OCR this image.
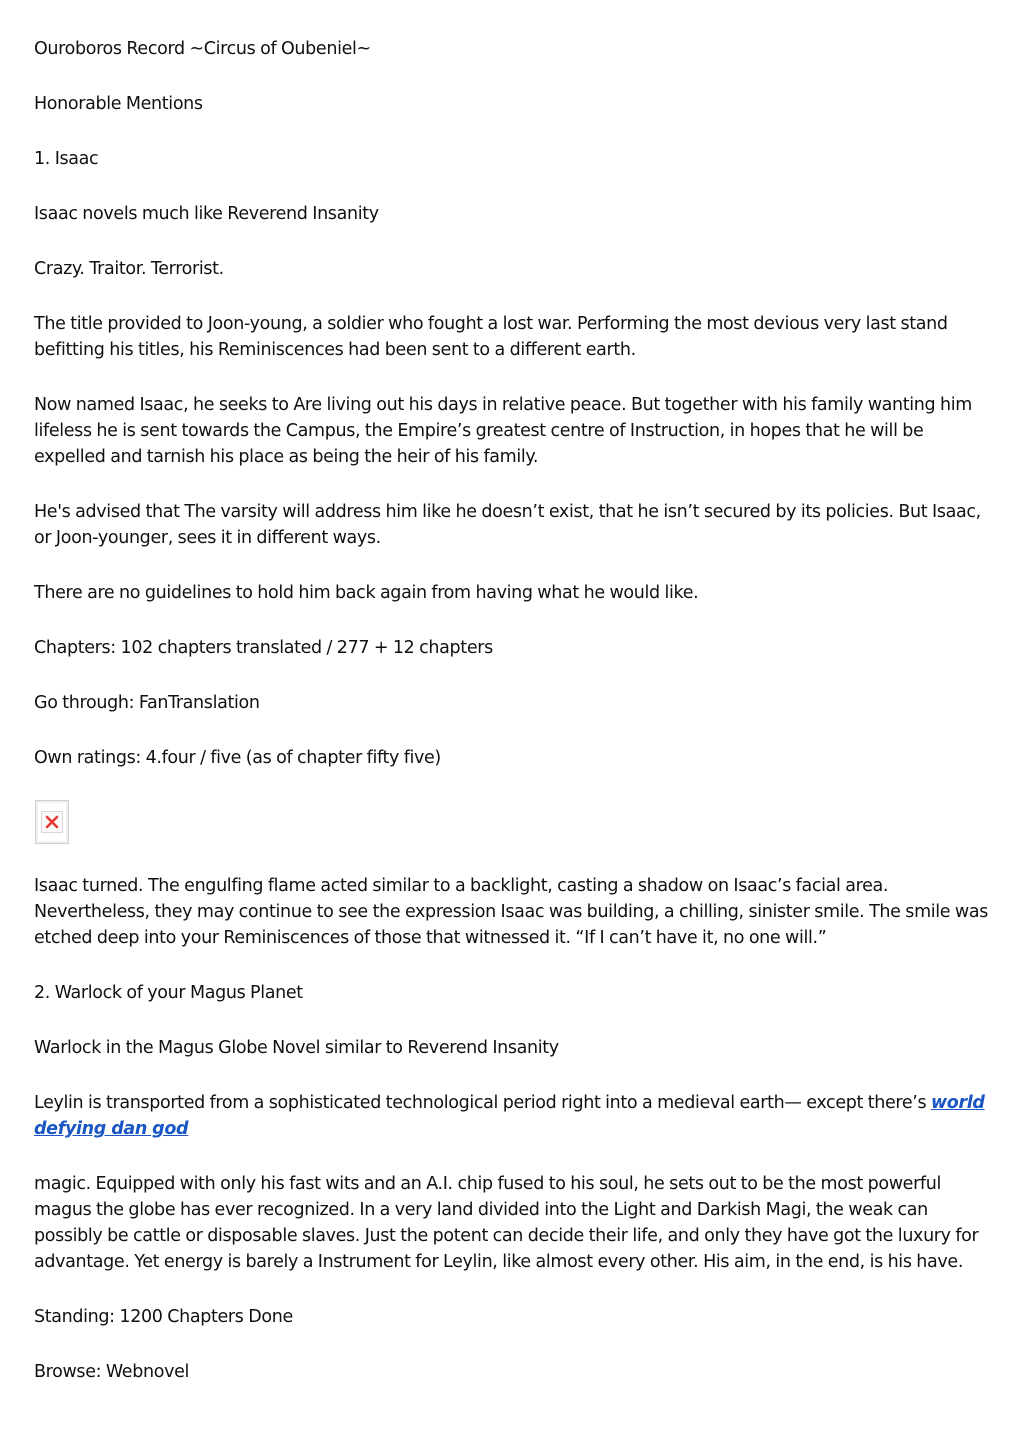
Ouroboros Record ~Circus of Oubeniel~

Honorable Mentions

1. Isaac

Isaac novels much like Reverend Insanity

Crazy. Traitor. Terrorist.

The title provided to Joon-young, a soldier who fought a lost war. Performing the most devious very last stand befitting his titles, his Reminiscences had been sent to a different earth.

Now named Isaac, he seeks to Are living out his days in relative peace. But together with his family wanting him lifeless he is sent towards the Campus, the Empire’s greatest centre of Instruction, in hopes that he will be expelled and tarnish his place as being the heir of his family.

He's advised that The varsity will address him like he doesn’t exist, that he isn’t secured by its policies. But Isaac, or Joon-younger, sees it in different ways.

There are no guidelines to hold him back again from having what he would like.

Chapters: 102 chapters translated / 277 + 12 chapters

Go through: FanTranslation

Own ratings: 4.four / five (as of chapter fifty five)

Isaac turned. The engulfing flame acted similar to a backlight, casting a shadow on Isaac’s facial area. Nevertheless, they may continue to see the expression Isaac was building, a chilling, sinister smile. The smile was etched deep into your Reminiscences of those that witnessed it. “If I can’t have it, no one will.”

2. Warlock of your Magus Planet

Warlock in the Magus Globe Novel similar to Reverend Insanity

Leylin is transported from a sophisticated technological period right into a medieval earth— except there’s world defying dan god

magic. Equipped with only his fast wits and an A.I. chip fused to his soul, he sets out to be the most powerful magus the globe has ever recognized. In a very land divided into the Light and Darkish Magi, the weak can possibly be cattle or disposable slaves. Just the potent can decide their life, and only they have got the luxury for advantage. Yet energy is barely a Instrument for Leylin, like almost every other. His aim, in the end, is his have.

Standing: 1200 Chapters Done

Browse: Webnovel
